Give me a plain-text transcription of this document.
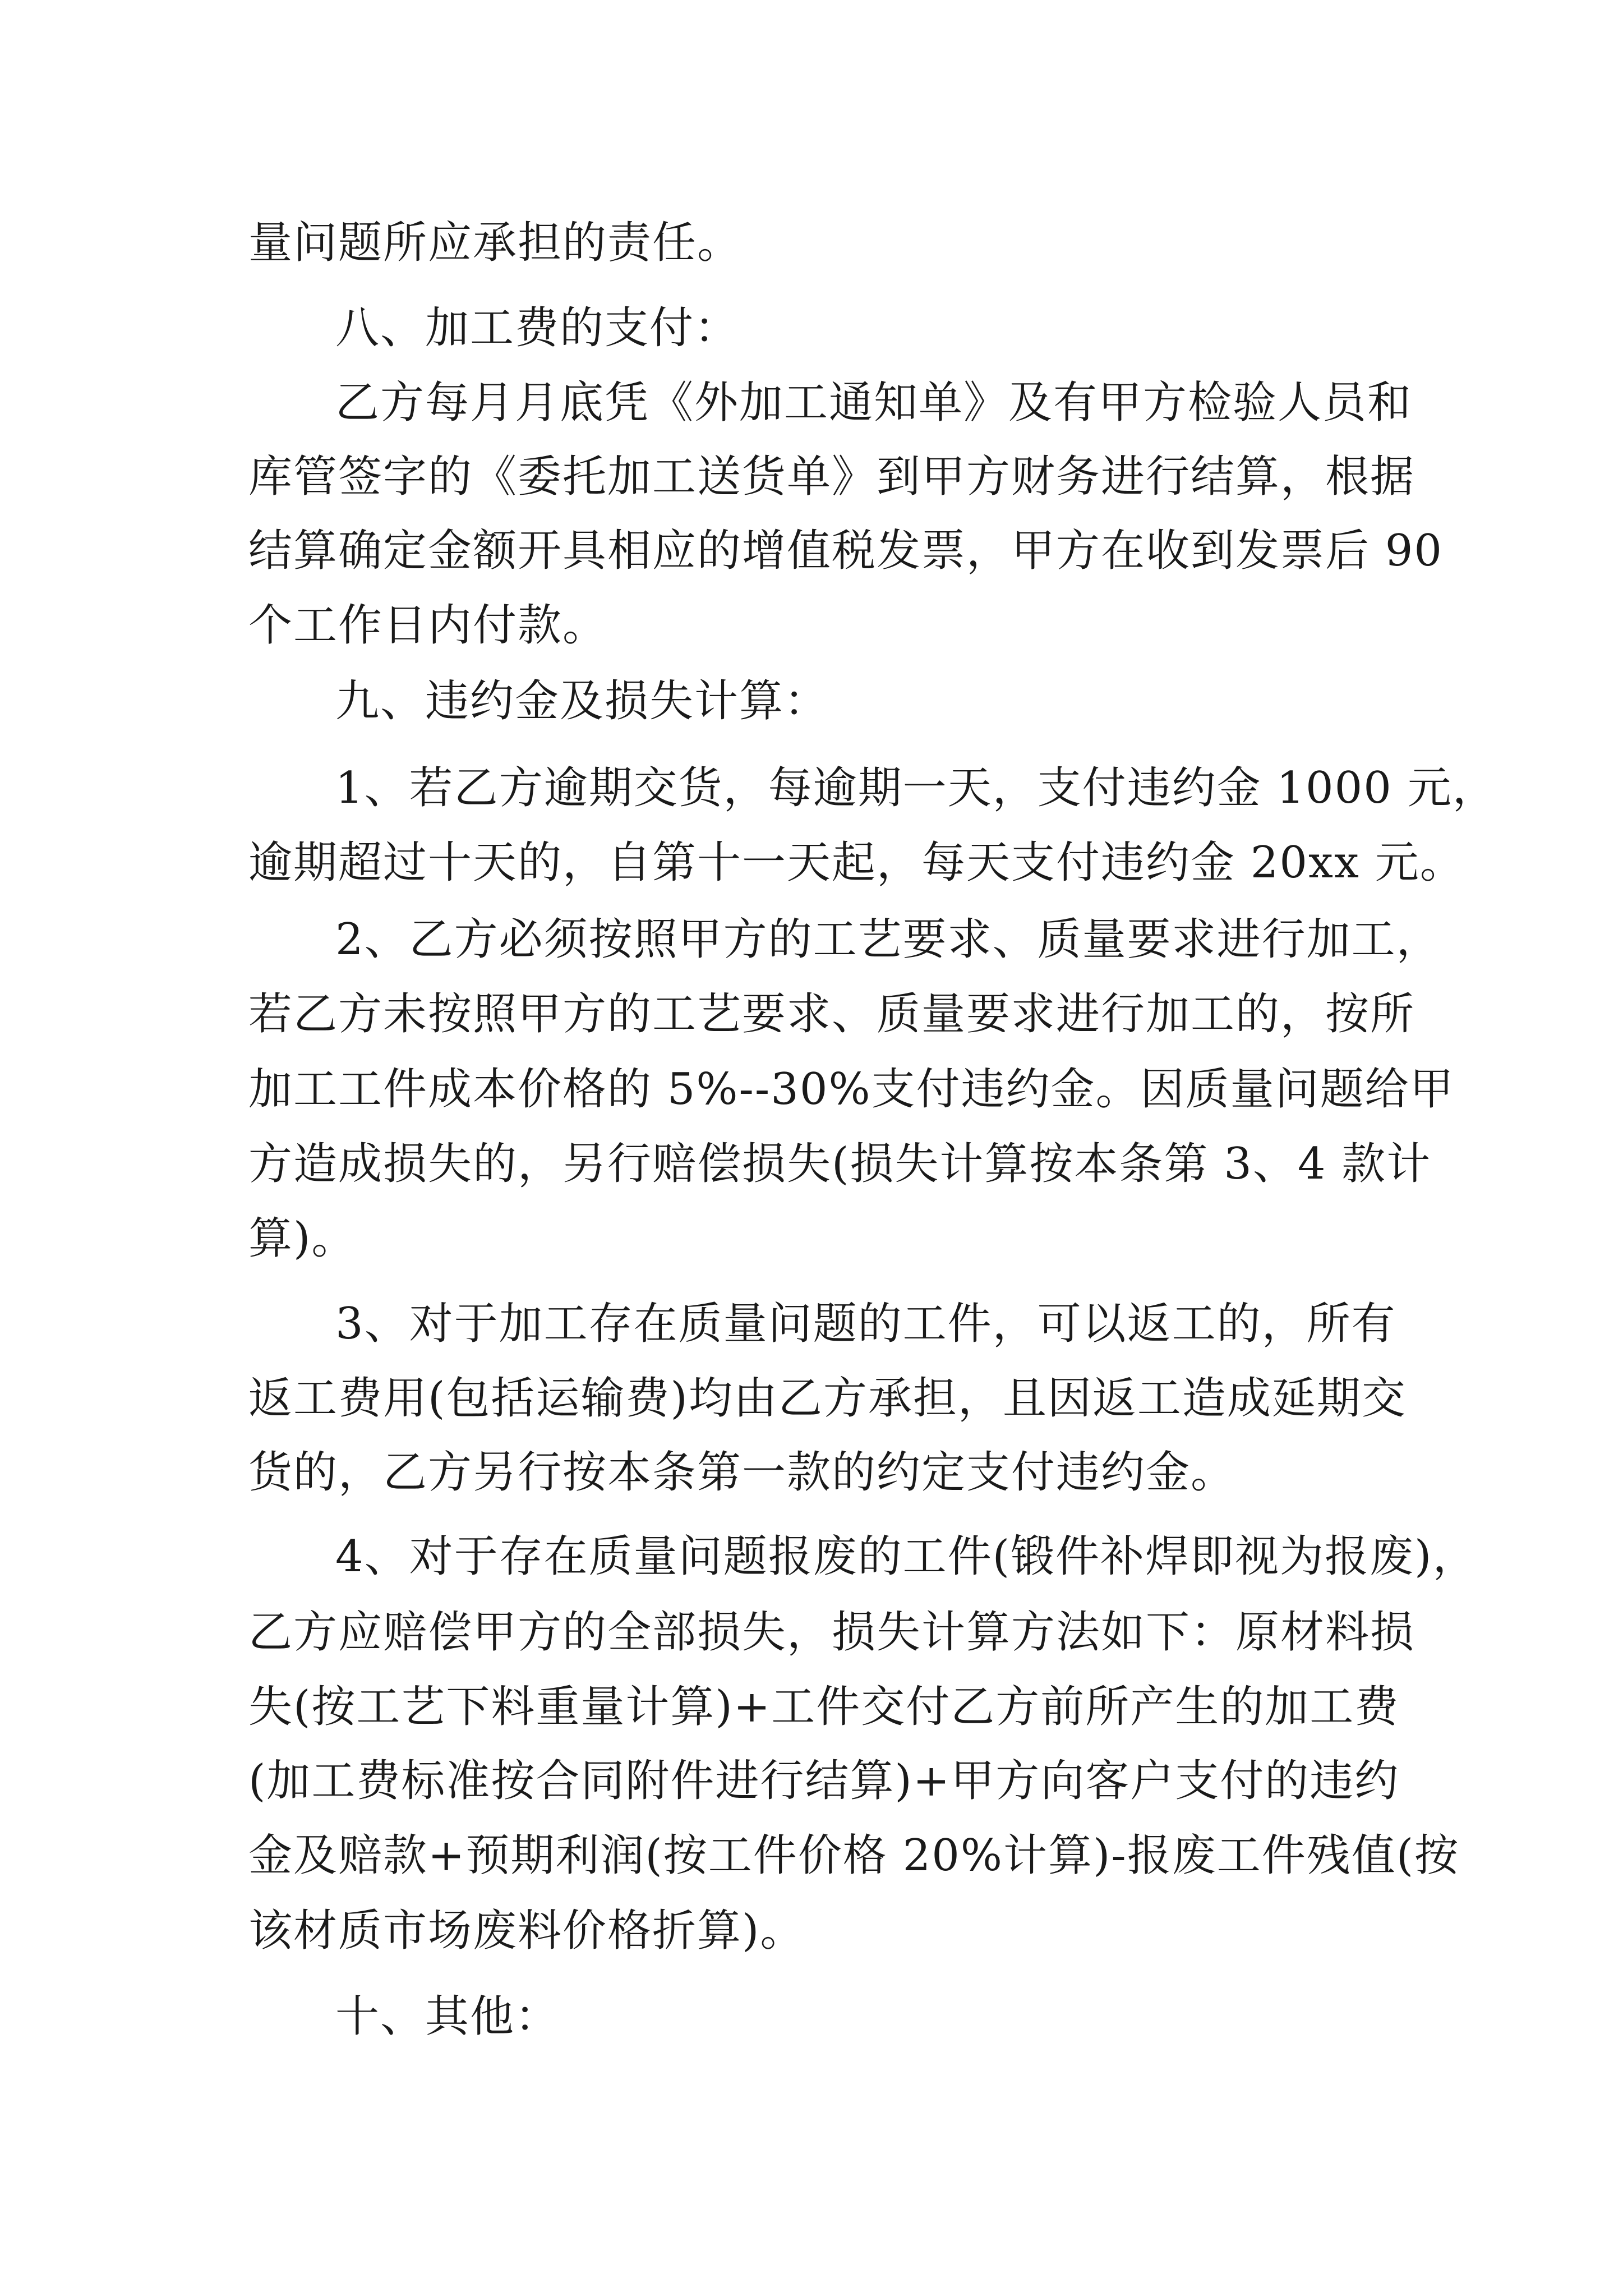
量问题所应承担的责任。
八、加工费的支付：
乙方每月月底凭《外加工通知单》及有甲方检验人员和
库管签字的《委托加工送货单》到甲方财务进行结算，根据
结算确定金额开具相应的增值税发票，甲方在收到发票后 90
个工作日内付款。
九、违约金及损失计算：
1、若乙方逾期交货，每逾期一天，支付违约金 1000 元，
逾期超过十天的，自第十一天起，每天支付违约金 20xx 元。
2、乙方必须按照甲方的工艺要求、质量要求进行加工，
若乙方未按照甲方的工艺要求、质量要求进行加工的，按所
加工工件成本价格的 5%--30%支付违约金。因质量问题给甲
方造成损失的，另行赔偿损失(损失计算按本条第 3、4 款计
算)。
3、对于加工存在质量问题的工件，可以返工的，所有
返工费用(包括运输费)均由乙方承担，且因返工造成延期交
货的，乙方另行按本条第一款的约定支付违约金。
4、对于存在质量问题报废的工件(锻件补焊即视为报废)，
乙方应赔偿甲方的全部损失，损失计算方法如下：原材料损
失(按工艺下料重量计算)+工件交付乙方前所产生的加工费
(加工费标准按合同附件进行结算)+甲方向客户支付的违约
金及赔款+预期利润(按工件价格 20%计算)-报废工件残值(按
该材质市场废料价格折算)。
十、其他：
